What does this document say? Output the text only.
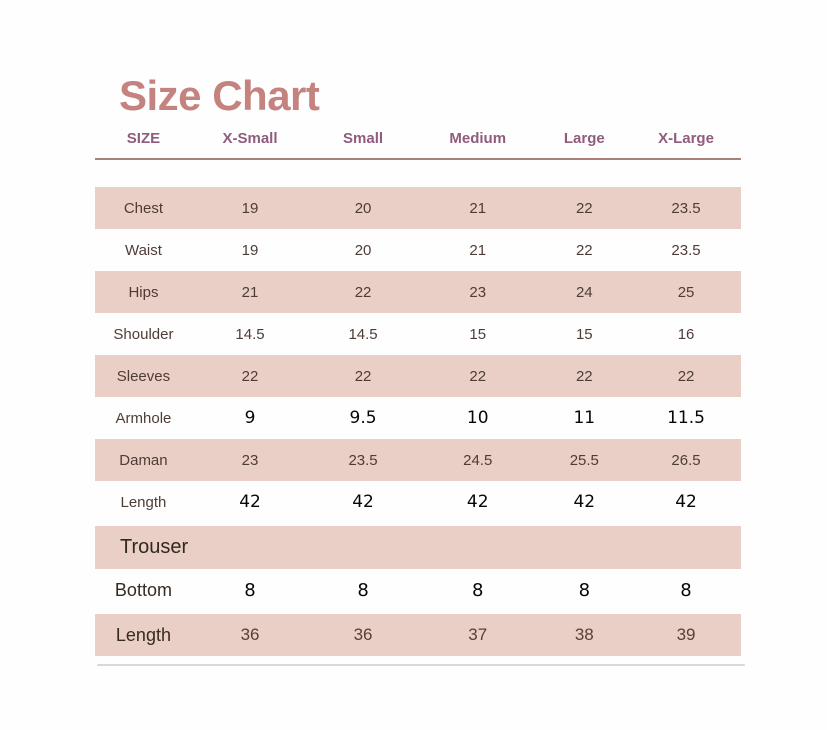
Size Chart
SIZE	X-Small	Small	Medium	Large	X-Large
Chest	19	20	21	22	23.5
Waist	19	20	21	22	23.5
Hips	21	22	23	24	25
Shoulder	14.5	14.5	15	15	16
Sleeves	22	22	22	22	22
Armhole	9	9.5	10	11	11.5
Daman	23	23.5	24.5	25.5	26.5
Length	42	42	42	42	42
Trouser
Bottom	8	8	8	8	8
Length	36	36	37	38	39
